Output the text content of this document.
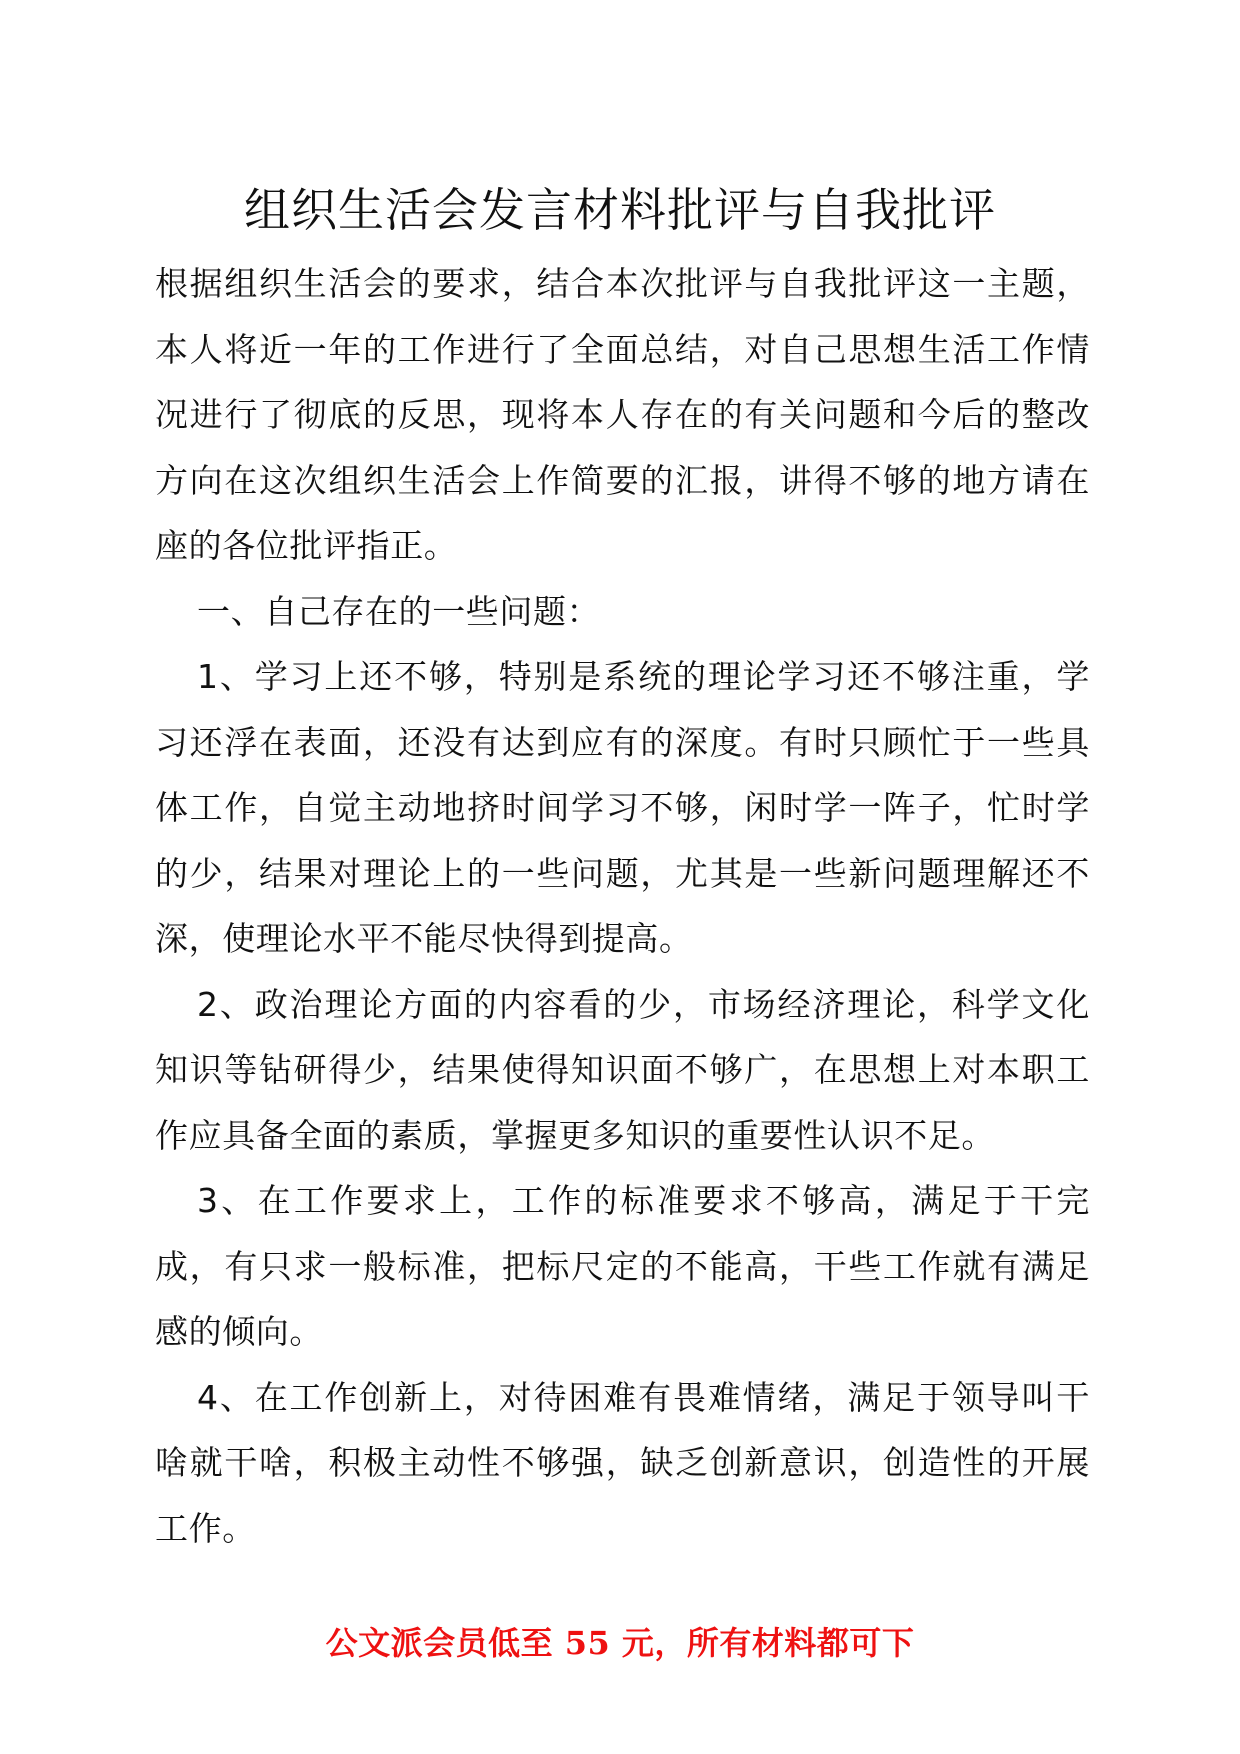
组织生活会发言材料批评与自我批评

根据组织生活会的要求，结合本次批评与自我批评这一主题，本人将近一年的工作进行了全面总结，对自己思想生活工作情况进行了彻底的反思，现将本人存在的有关问题和今后的整改方向在这次组织生活会上作简要的汇报，讲得不够的地方请在座的各位批评指正。

一、自己存在的一些问题：

1、学习上还不够，特别是系统的理论学习还不够注重，学习还浮在表面，还没有达到应有的深度。有时只顾忙于一些具体工作，自觉主动地挤时间学习不够，闲时学一阵子，忙时学的少，结果对理论上的一些问题，尤其是一些新问题理解还不深，使理论水平不能尽快得到提高。

2、政治理论方面的内容看的少，市场经济理论，科学文化知识等钻研得少，结果使得知识面不够广，在思想上对本职工作应具备全面的素质，掌握更多知识的重要性认识不足。

3、在工作要求上，工作的标准要求不够高，满足于干完成，有只求一般标准，把标尺定的不能高，干些工作就有满足感的倾向。

4、在工作创新上，对待困难有畏难情绪，满足于领导叫干啥就干啥，积极主动性不够强，缺乏创新意识，创造性的开展工作。

公文派会员低至 55 元，所有材料都可下
